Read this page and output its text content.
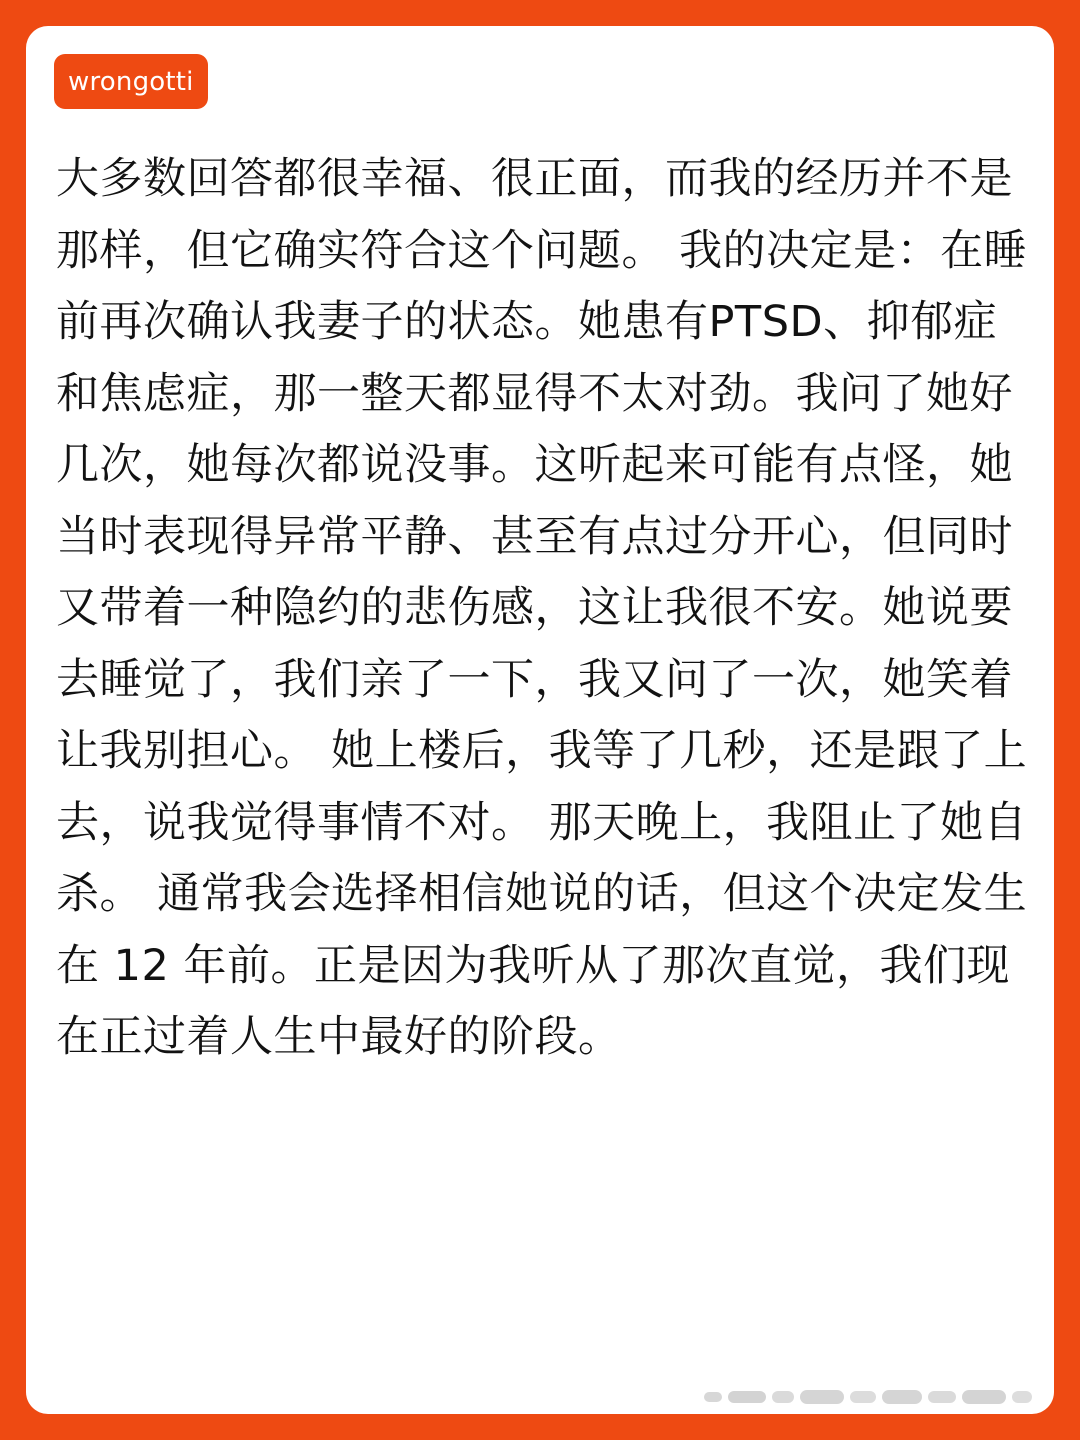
wrongotti

大多数回答都很幸福、很正面，而我的经历并不是那样，但它确实符合这个问题。 我的决定是：在睡前再次确认我妻子的状态。她患有PTSD、抑郁症和焦虑症，那一整天都显得不太对劲。我问了她好几次，她每次都说没事。这听起来可能有点怪，她当时表现得异常平静、甚至有点过分开心，但同时又带着一种隐约的悲伤感，这让我很不安。她说要去睡觉了，我们亲了一下，我又问了一次，她笑着让我别担心。 她上楼后，我等了几秒，还是跟了上去，说我觉得事情不对。 那天晚上，我阻止了她自杀。 通常我会选择相信她说的话，但这个决定发生在 12 年前。正是因为我听从了那次直觉，我们现在正过着人生中最好的阶段。
